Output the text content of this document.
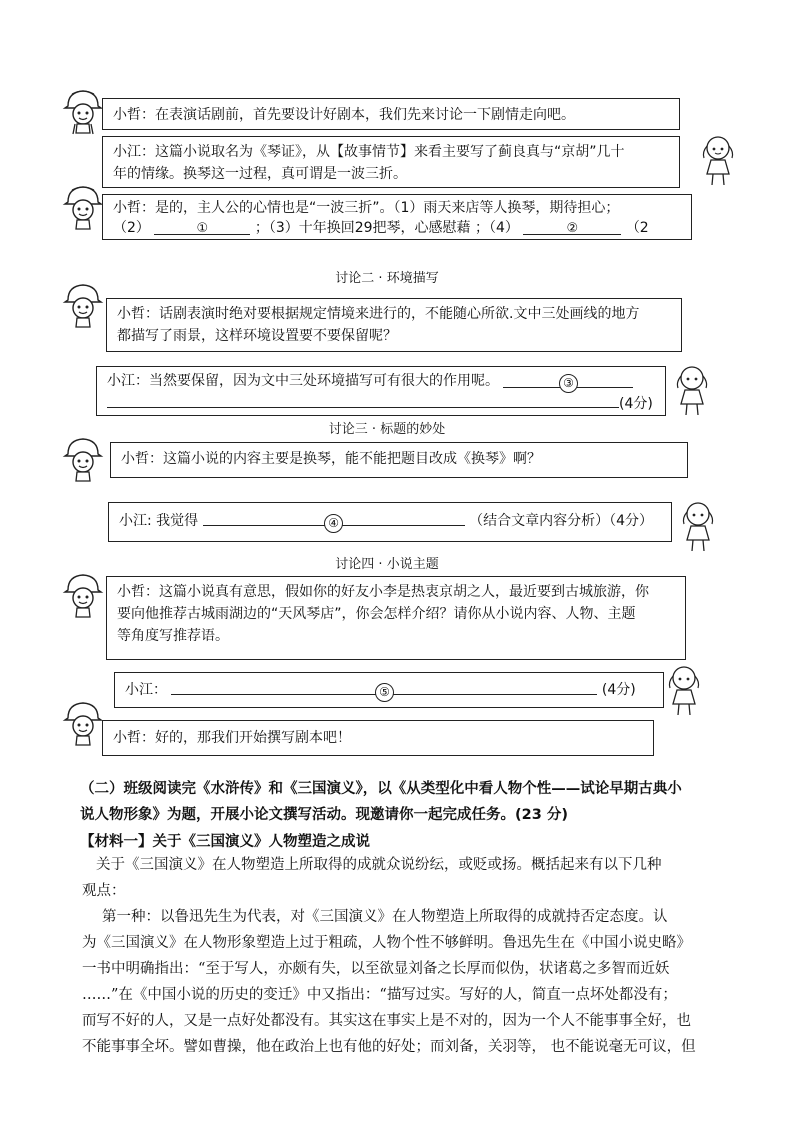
小哲：在表演话剧前，首先要设计好剧本，我们先来讨论一下剧情走向吧。
小江：这篇小说取名为《琴证》，从【故事情节】来看主要写了蓟良真与“京胡”几十
年的情缘。换琴这一过程，真可谓是一波三折。
小哲：是的，主人公的心情也是“一波三折”。（1）雨天来店等人换琴，期待担心；
（2）	①	；（3）十年换回29把琴，心感慰藉 ；（4）	②	（2
讨论二 · 环境描写
小哲：话剧表演时绝对要根据规定情境来进行的，不能随心所欲.文中三处画线的地方
都描写了雨景，这样环境设置要不要保留呢？
小江：当然要保留，因为文中三处环境描写可有很大的作用呢。	③
(4分)
讨论三 · 标题的妙处
小哲：这篇小说的内容主要是换琴，能不能把题目改成《换琴》啊？
小江: 我觉得	④	（结合文章内容分析）（4分）
讨论四 · 小说主题
小哲：这篇小说真有意思，假如你的好友小李是热衷京胡之人，最近要到古城旅游，你
要向他推荐古城雨湖边的“天风琴店”，你会怎样介绍？请你从小说内容、人物、主题
等角度写推荐语。
小江：	⑤	(4分)
小哲：好的，那我们开始撰写剧本吧！
（二）班级阅读完《水浒传》和《三国演义》，以《从类型化中看人物个性——试论早期古典小
说人物形象》为题，开展小论文撰写活动。现邀请你一起完成任务。(23 分)
【材料一】关于《三国演义》人物塑造之成说
关于《三国演义》在人物塑造上所取得的成就众说纷纭，或贬或扬。概括起来有以下几种
观点：
第一种：以鲁迅先生为代表，对《三国演义》在人物塑造上所取得的成就持否定态度。认
为《三国演义》在人物形象塑造上过于粗疏，人物个性不够鲜明。鲁迅先生在《中国小说史略》
一书中明确指出：“至于写人，亦颇有失，以至欲显刘备之长厚而似伪，状诸葛之多智而近妖
……”在《中国小说的历史的变迁》中又指出：“描写过实。写好的人，简直一点坏处都没有；
而写不好的人，又是一点好处都没有。其实这在事实上是不对的，因为一个人不能事事全好，也
不能事事全坏。譬如曹操，他在政治上也有他的好处；而刘备，关羽等， 也不能说毫无可议，但
